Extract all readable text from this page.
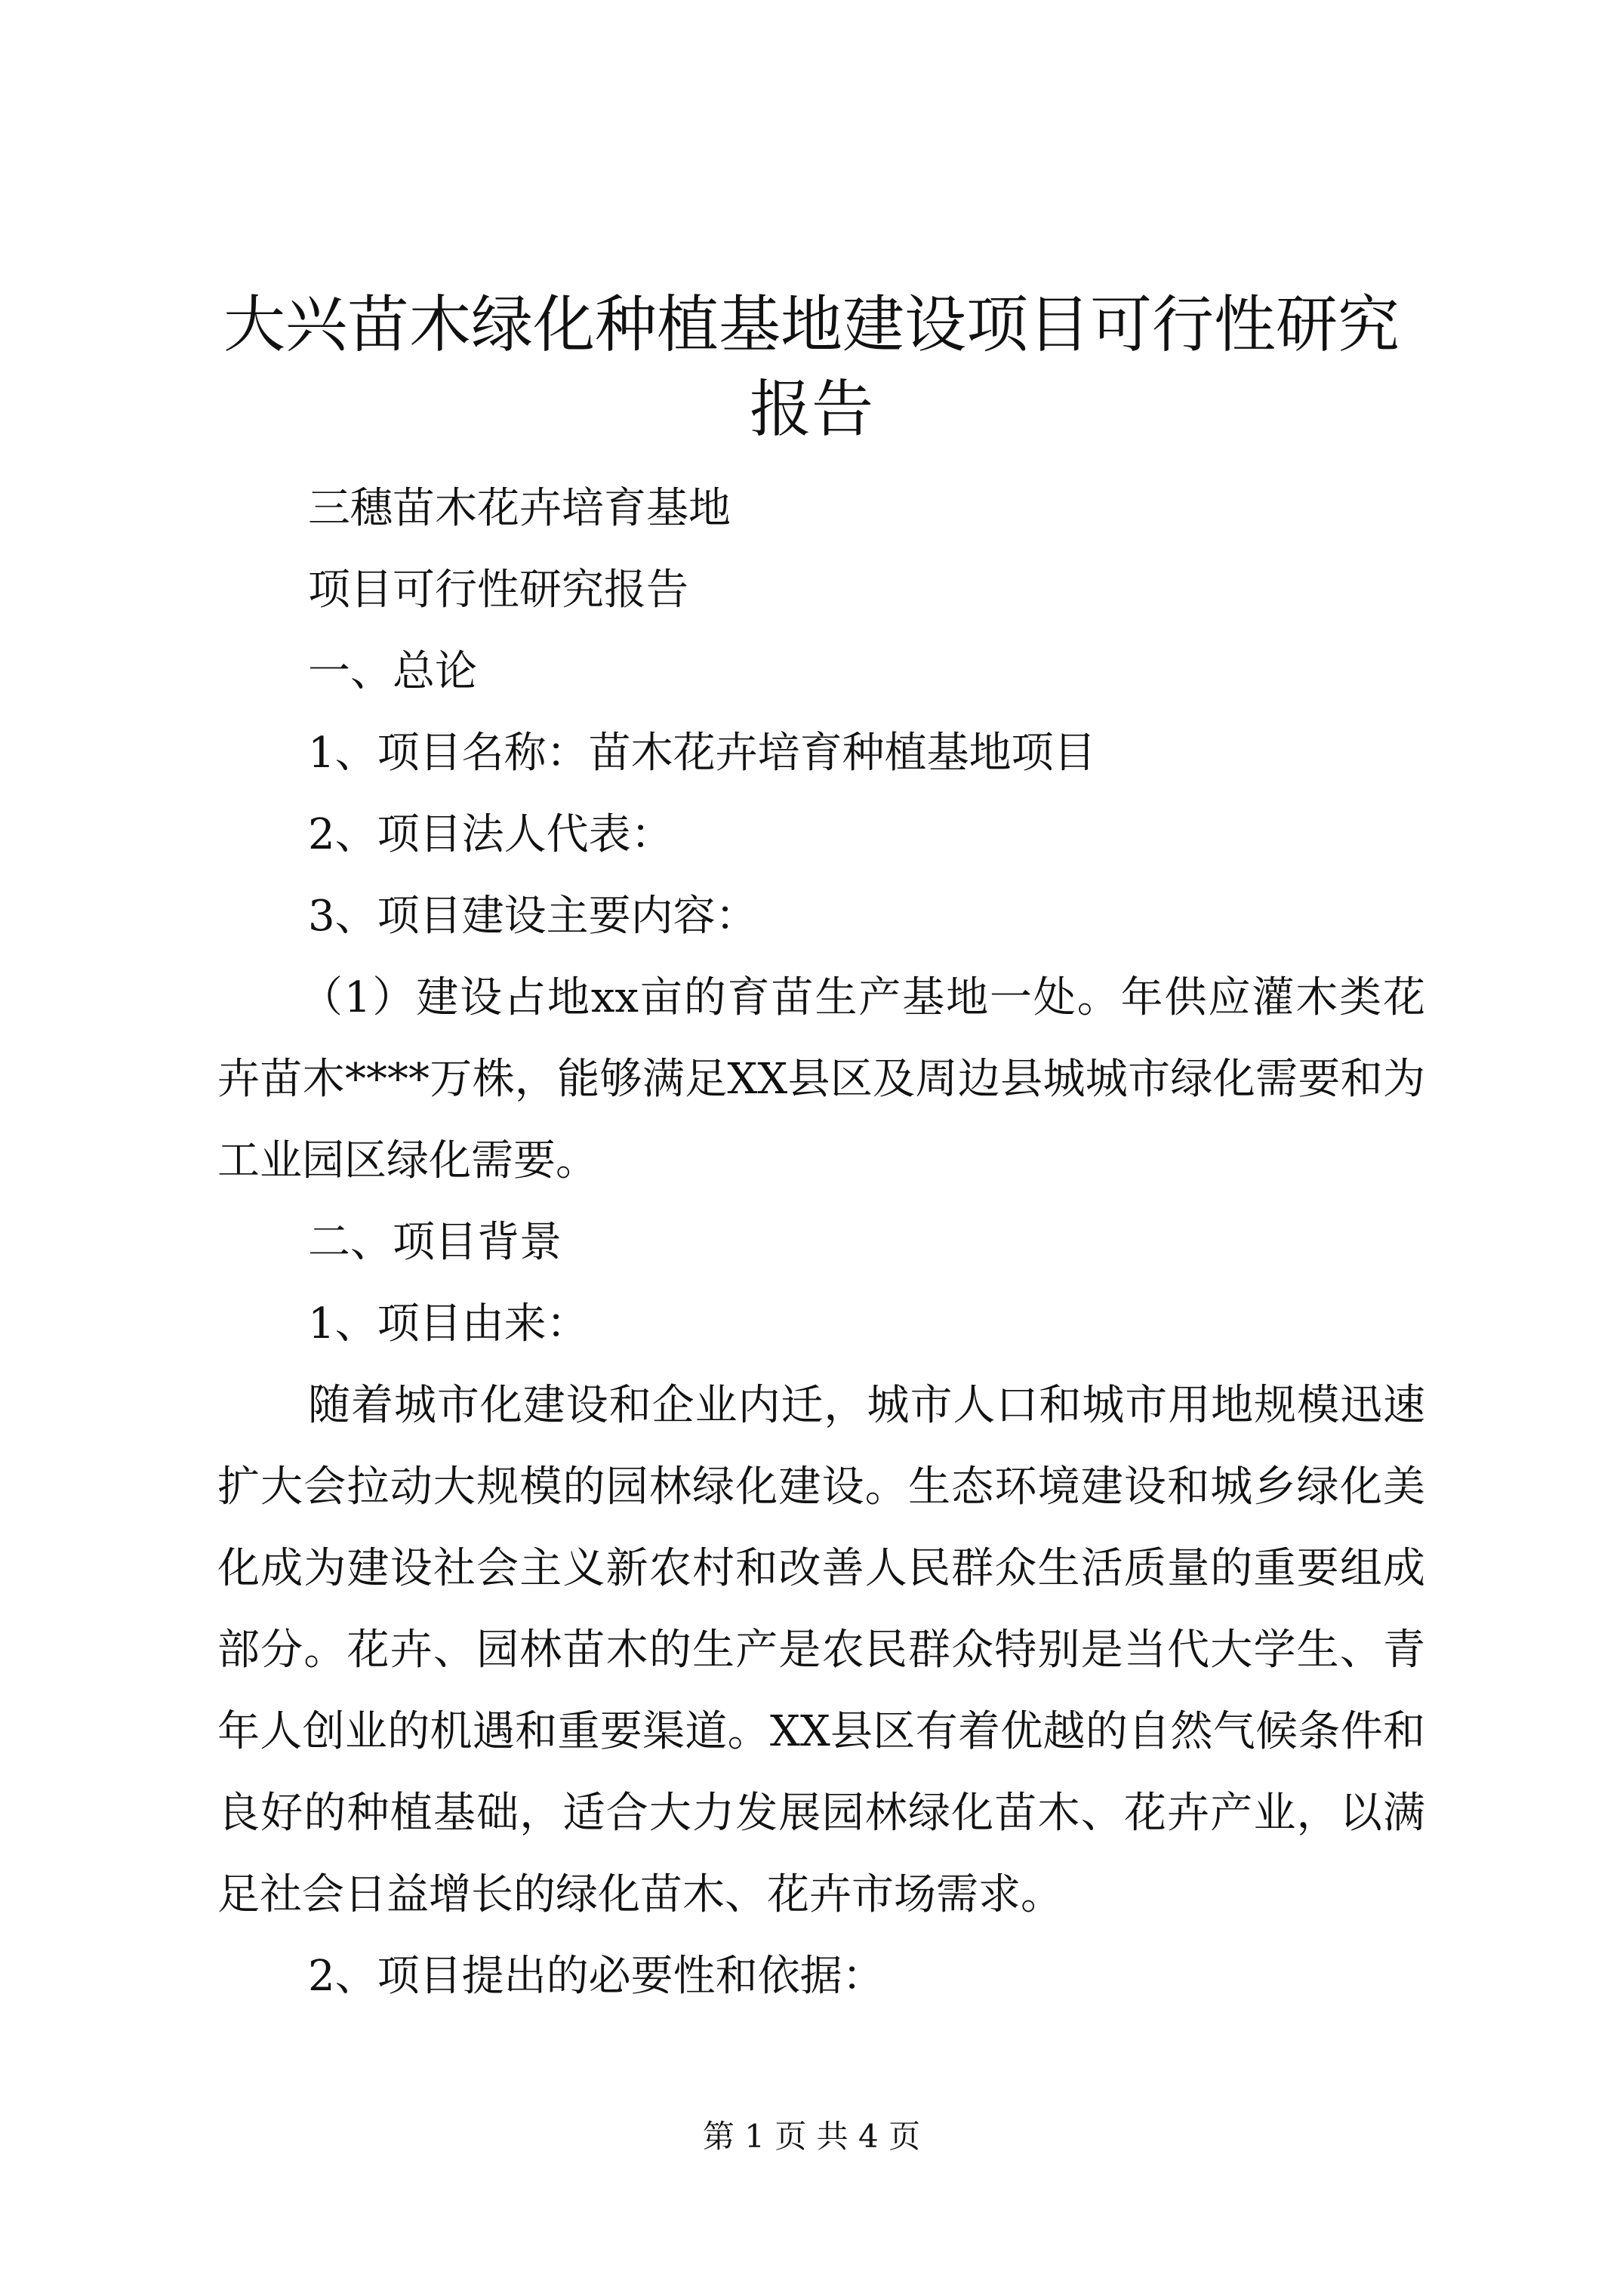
大兴苗木绿化种植基地建设项目可行性研究报告

三穗苗木花卉培育基地

项目可行性研究报告

一、总论

1、项目名称：苗木花卉培育种植基地项目

2、项目法人代表：

3、项目建设主要内容：

（1）建设占地xx亩的育苗生产基地一处。年供应灌木类花卉苗木****万株，能够满足XX县区及周边县城城市绿化需要和为工业园区绿化需要。

二、项目背景

1、项目由来：

随着城市化建设和企业内迁，城市人口和城市用地规模迅速扩大会拉动大规模的园林绿化建设。生态环境建设和城乡绿化美化成为建设社会主义新农村和改善人民群众生活质量的重要组成部分。花卉、园林苗木的生产是农民群众特别是当代大学生、青年人创业的机遇和重要渠道。XX县区有着优越的自然气候条件和良好的种植基础，适合大力发展园林绿化苗木、花卉产业，以满足社会日益增长的绿化苗木、花卉市场需求。

2、项目提出的必要性和依据：

第 1 页 共 4 页
